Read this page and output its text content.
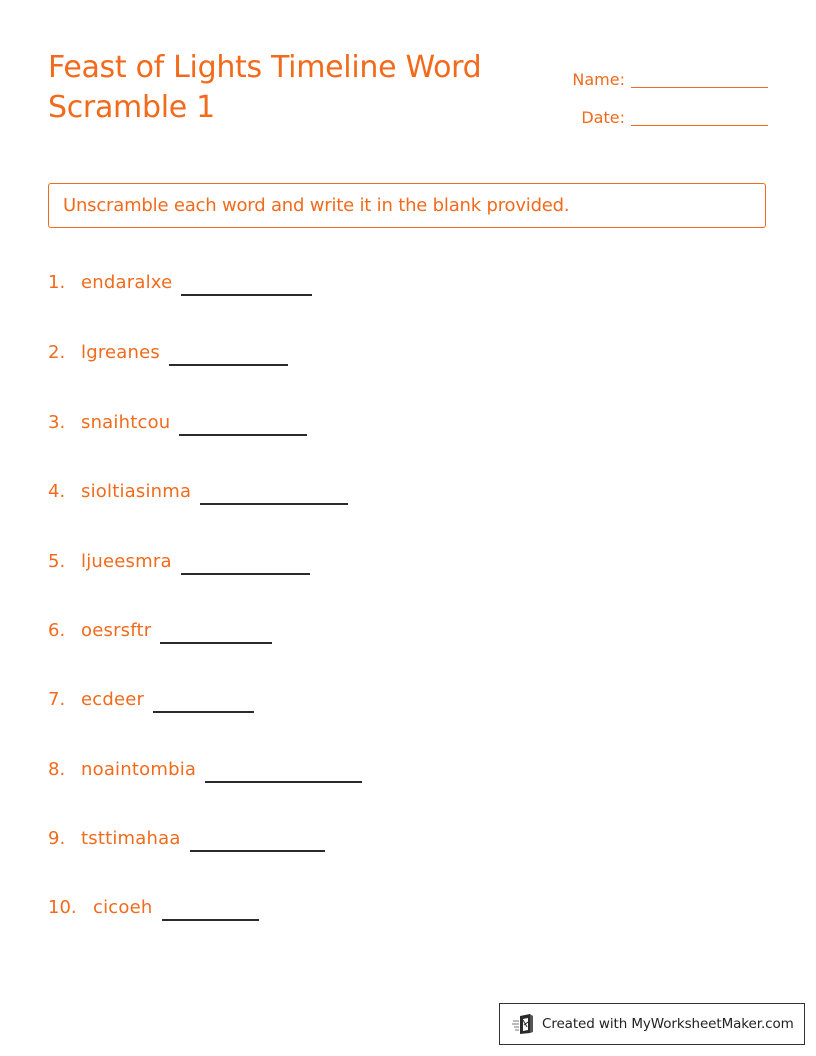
Feast of Lights Timeline Word Scramble 1
Name:
Date:
Unscramble each word and write it in the blank provided.
1. endaralxe
2. lgreanes
3. snaihtcou
4. sioltiasinma
5. ljueesmra
6. oesrsftr
7. ecdeer
8. noaintombia
9. tsttimahaa
10. cicoeh
Created with MyWorksheetMaker.com
